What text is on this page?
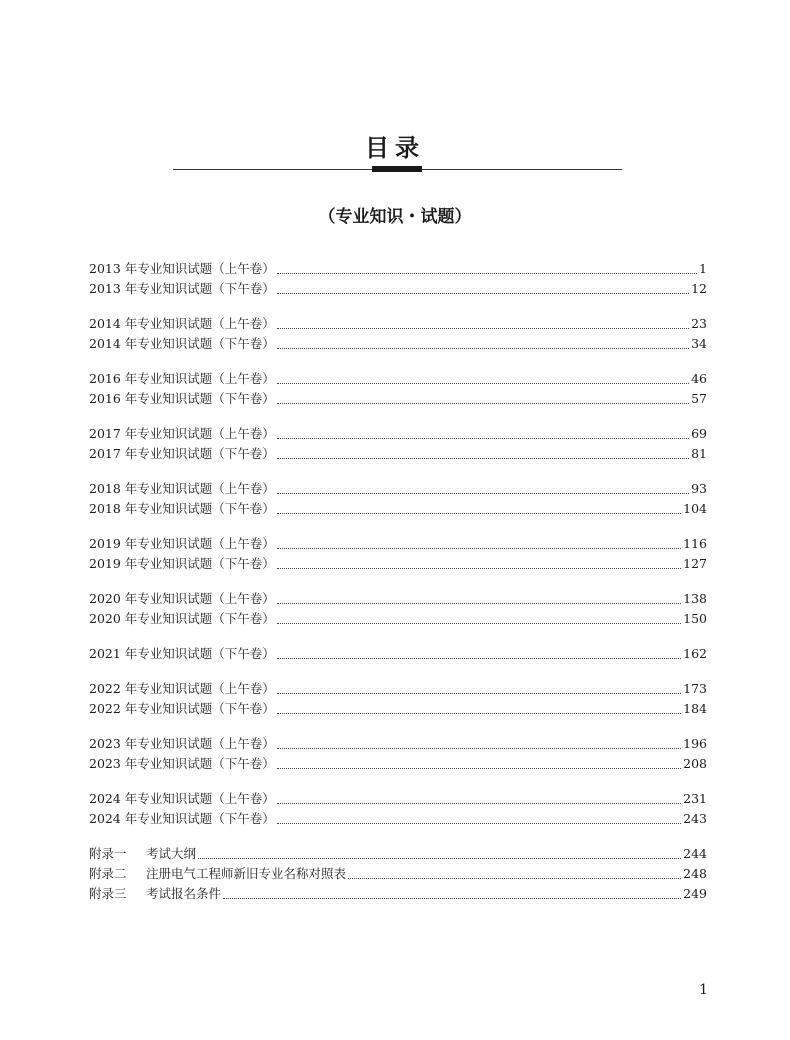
目录
（专业知识・试题）
2013 年专业知识试题（上午卷）	1
2013 年专业知识试题（下午卷）	12
2014 年专业知识试题（上午卷）	23
2014 年专业知识试题（下午卷）	34
2016 年专业知识试题（上午卷）	46
2016 年专业知识试题（下午卷）	57
2017 年专业知识试题（上午卷）	69
2017 年专业知识试题（下午卷）	81
2018 年专业知识试题（上午卷）	93
2018 年专业知识试题（下午卷）	104
2019 年专业知识试题（上午卷）	116
2019 年专业知识试题（下午卷）	127
2020 年专业知识试题（上午卷）	138
2020 年专业知识试题（下午卷）	150
2021 年专业知识试题（下午卷）	162
2022 年专业知识试题（上午卷）	173
2022 年专业知识试题（下午卷）	184
2023 年专业知识试题（上午卷）	196
2023 年专业知识试题（下午卷）	208
2024 年专业知识试题（上午卷）	231
2024 年专业知识试题（下午卷）	243
附录一	考试大纲	244
附录二	注册电气工程师新旧专业名称对照表	248
附录三	考试报名条件	249
1
